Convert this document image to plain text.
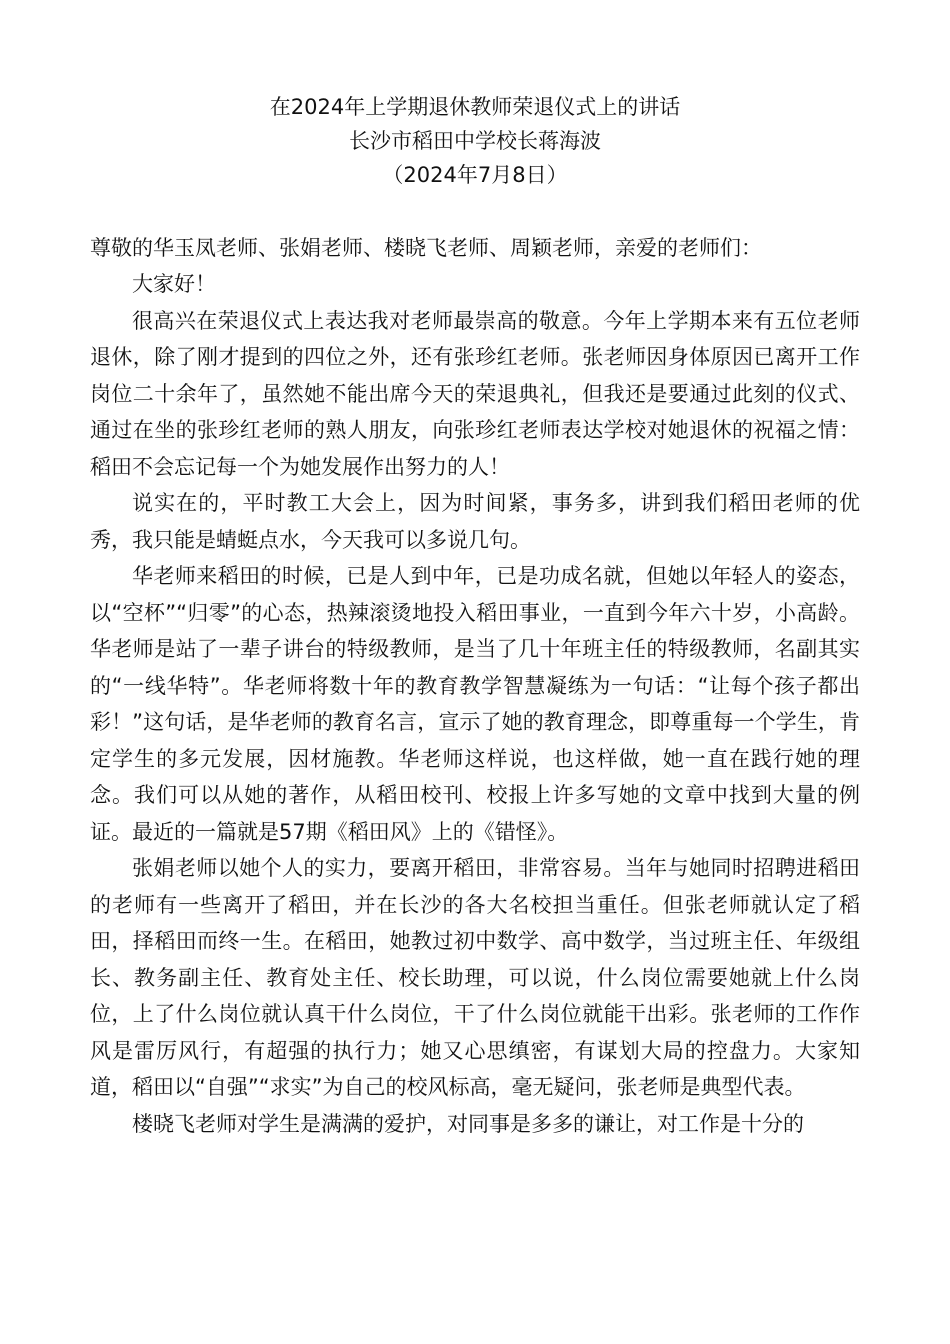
在2024年上学期退休教师荣退仪式上的讲话
长沙市稻田中学校长蒋海波
（2024年7月8日）
尊敬的华玉凤老师、张娟老师、楼晓飞老师、周颖老师，亲爱的老师们：

大家好！

很高兴在荣退仪式上表达我对老师最崇高的敬意。今年上学期本来有五位老师退休，除了刚才提到的四位之外，还有张珍红老师。张老师因身体原因已离开工作岗位二十余年了，虽然她不能出席今天的荣退典礼，但我还是要通过此刻的仪式、通过在坐的张珍红老师的熟人朋友，向张珍红老师表达学校对她退休的祝福之情：稻田不会忘记每一个为她发展作出努力的人！

说实在的，平时教工大会上，因为时间紧，事务多，讲到我们稻田老师的优秀，我只能是蜻蜓点水，今天我可以多说几句。

华老师来稻田的时候，已是人到中年，已是功成名就，但她以年轻人的姿态，以“空杯”“归零”的心态，热辣滚烫地投入稻田事业，一直到今年六十岁，小高龄。华老师是站了一辈子讲台的特级教师，是当了几十年班主任的特级教师，名副其实的“一线华特”。华老师将数十年的教育教学智慧凝练为一句话：“让每个孩子都出彩！”这句话，是华老师的教育名言，宣示了她的教育理念，即尊重每一个学生，肯定学生的多元发展，因材施教。华老师这样说，也这样做，她一直在践行她的理念。我们可以从她的著作，从稻田校刊、校报上许多写她的文章中找到大量的例证。最近的一篇就是57期《稻田风》上的《错怪》。

张娟老师以她个人的实力，要离开稻田，非常容易。当年与她同时招聘进稻田的老师有一些离开了稻田，并在长沙的各大名校担当重任。但张老师就认定了稻田，择稻田而终一生。在稻田，她教过初中数学、高中数学，当过班主任、年级组长、教务副主任、教育处主任、校长助理，可以说，什么岗位需要她就上什么岗位，上了什么岗位就认真干什么岗位，干了什么岗位就能干出彩。张老师的工作作风是雷厉风行，有超强的执行力；她又心思缜密，有谋划大局的控盘力。大家知道，稻田以“自强”“求实”为自己的校风标高，毫无疑问，张老师是典型代表。

楼晓飞老师对学生是满满的爱护，对同事是多多的谦让，对工作是十分的
